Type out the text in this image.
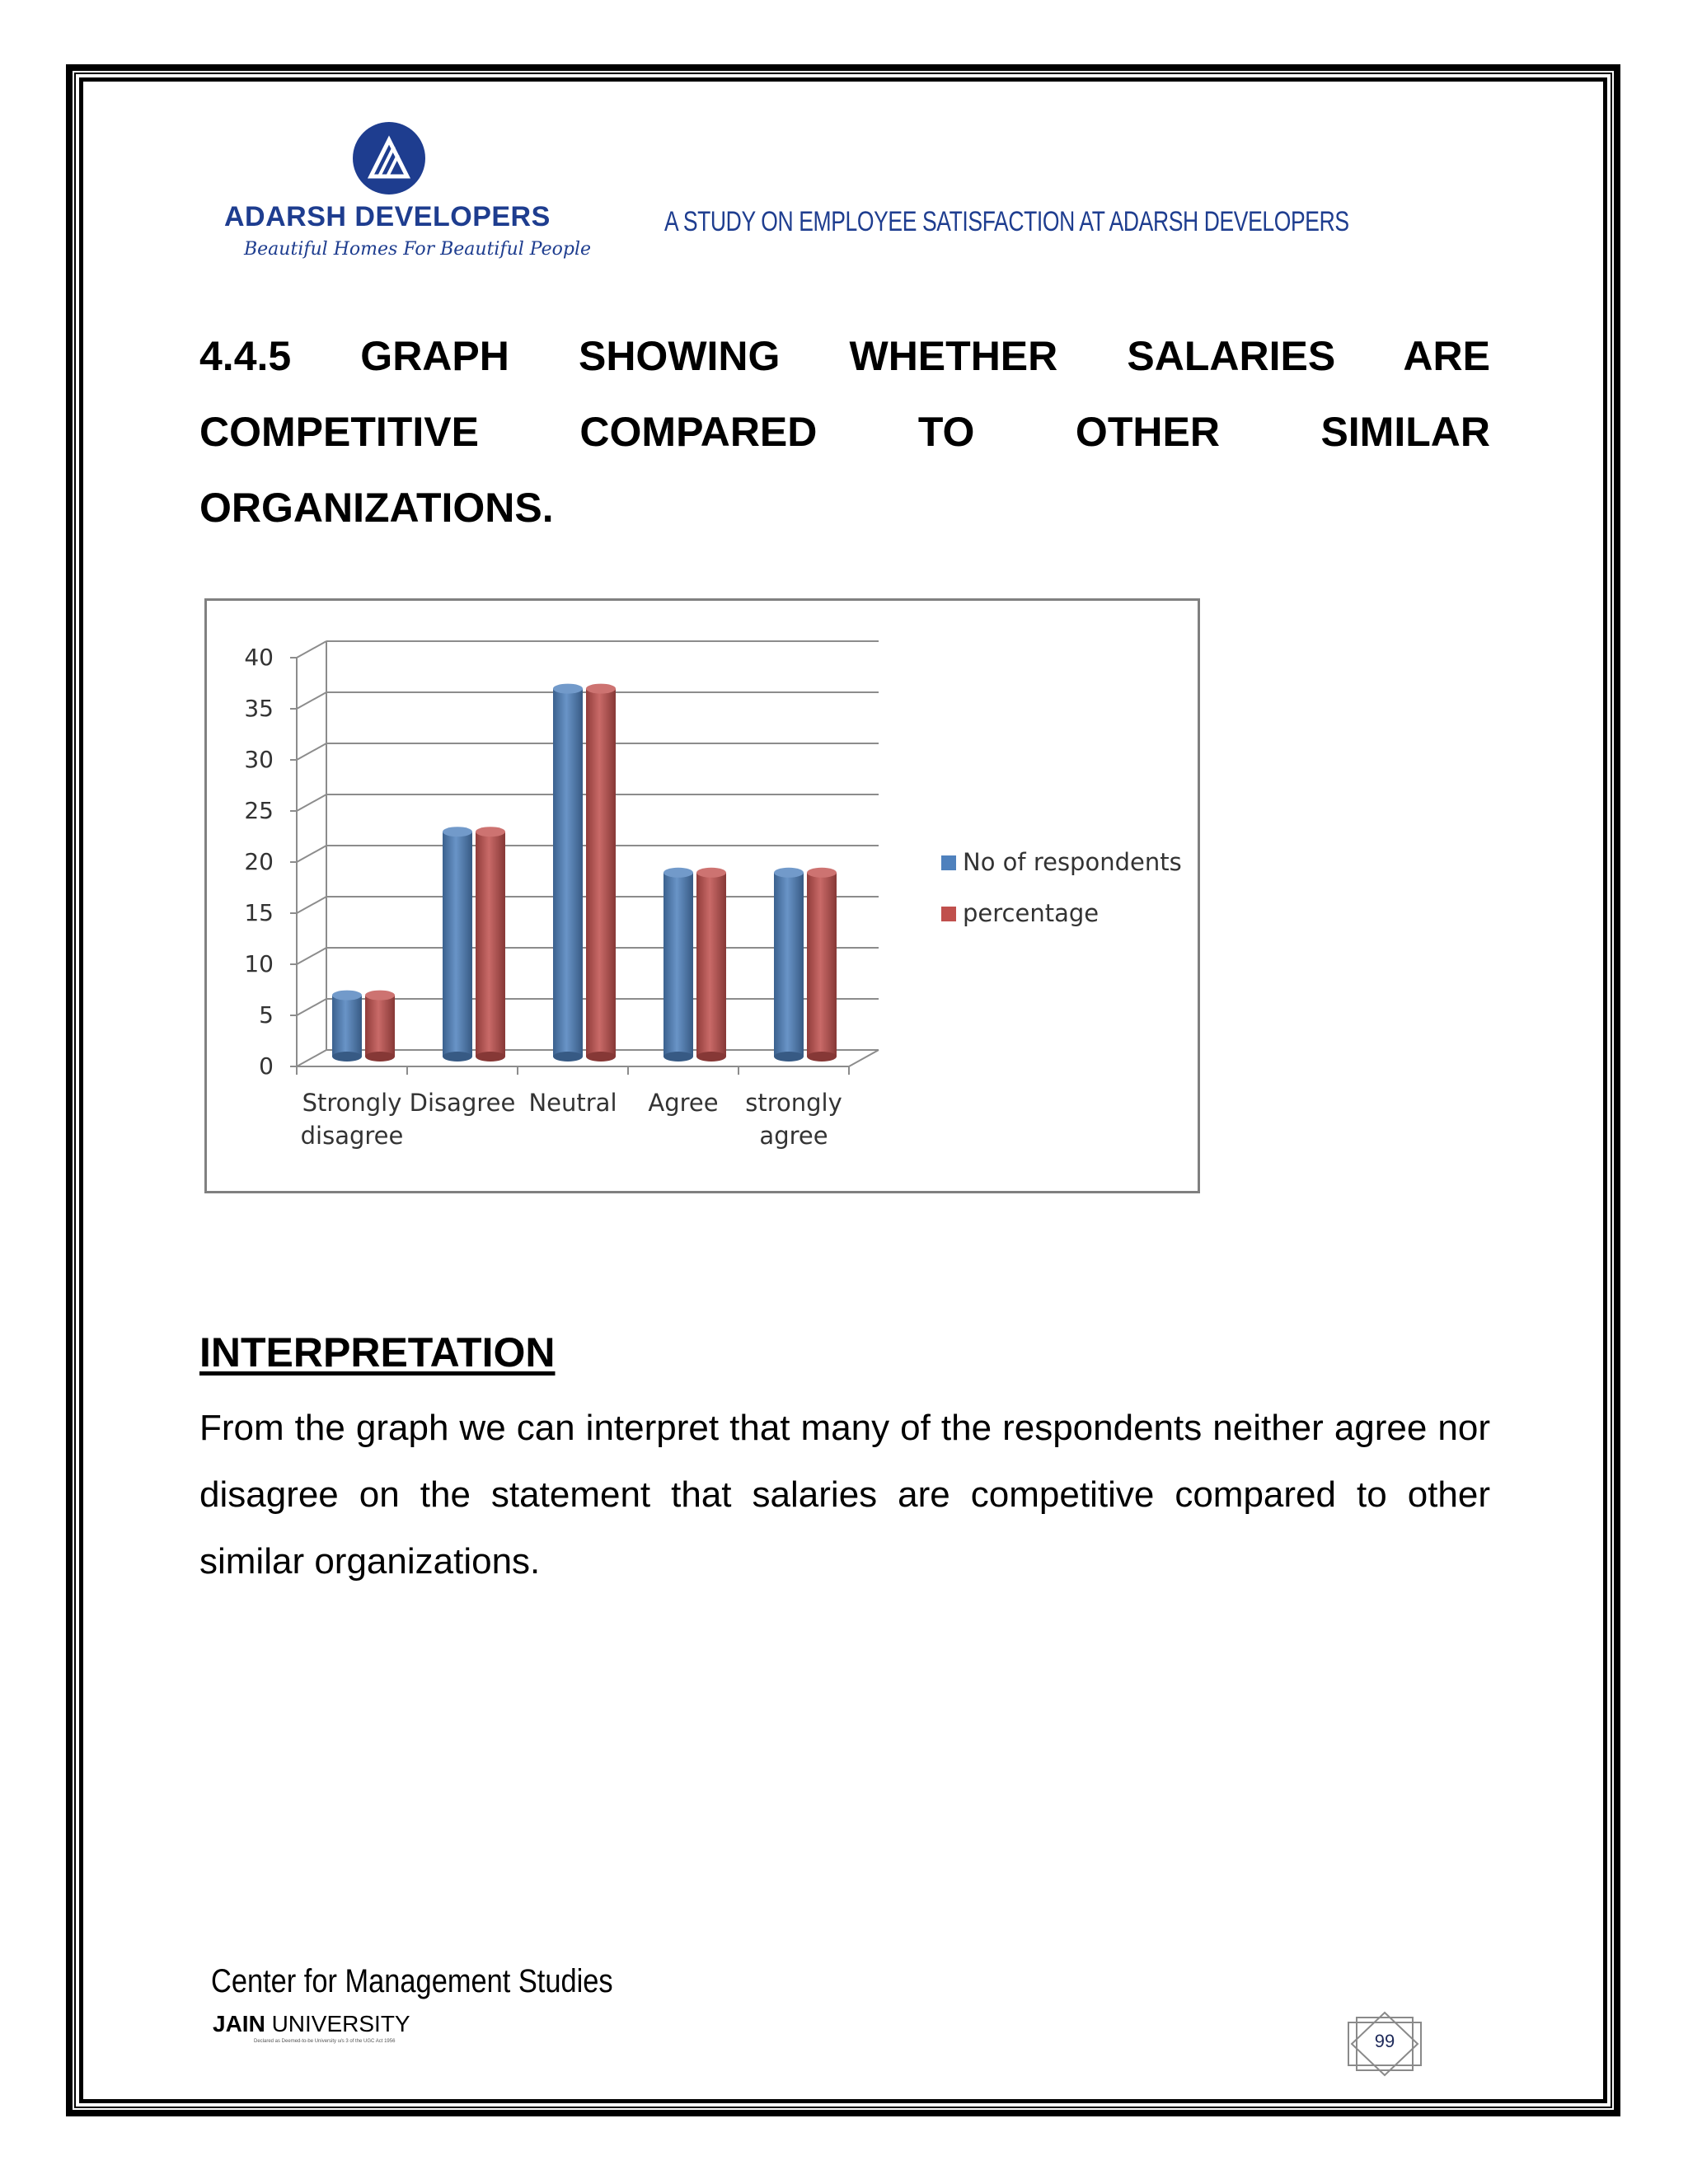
ADARSH DEVELOPERS
Beautiful Homes For Beautiful People
A STUDY ON EMPLOYEE SATISFACTION AT ADARSH DEVELOPERS
4.4.5 GRAPH SHOWING WHETHER SALARIES ARE COMPETITIVE COMPARED TO OTHER SIMILAR ORGANIZATIONS.
0
5
10
15
20
25
30
35
40
Strongly
disagree
Disagree Neutral Agree strongly
agree
No of respondents
percentage
INTERPRETATION
From the graph we can interpret that many of the respondents neither agree nor disagree on the statement that salaries are competitive compared to other similar organizations.
Center for Management Studies
JAIN UNIVERSITY
Declared as Deemed-to-be University u/s 3 of the UGC Act 1956	99
